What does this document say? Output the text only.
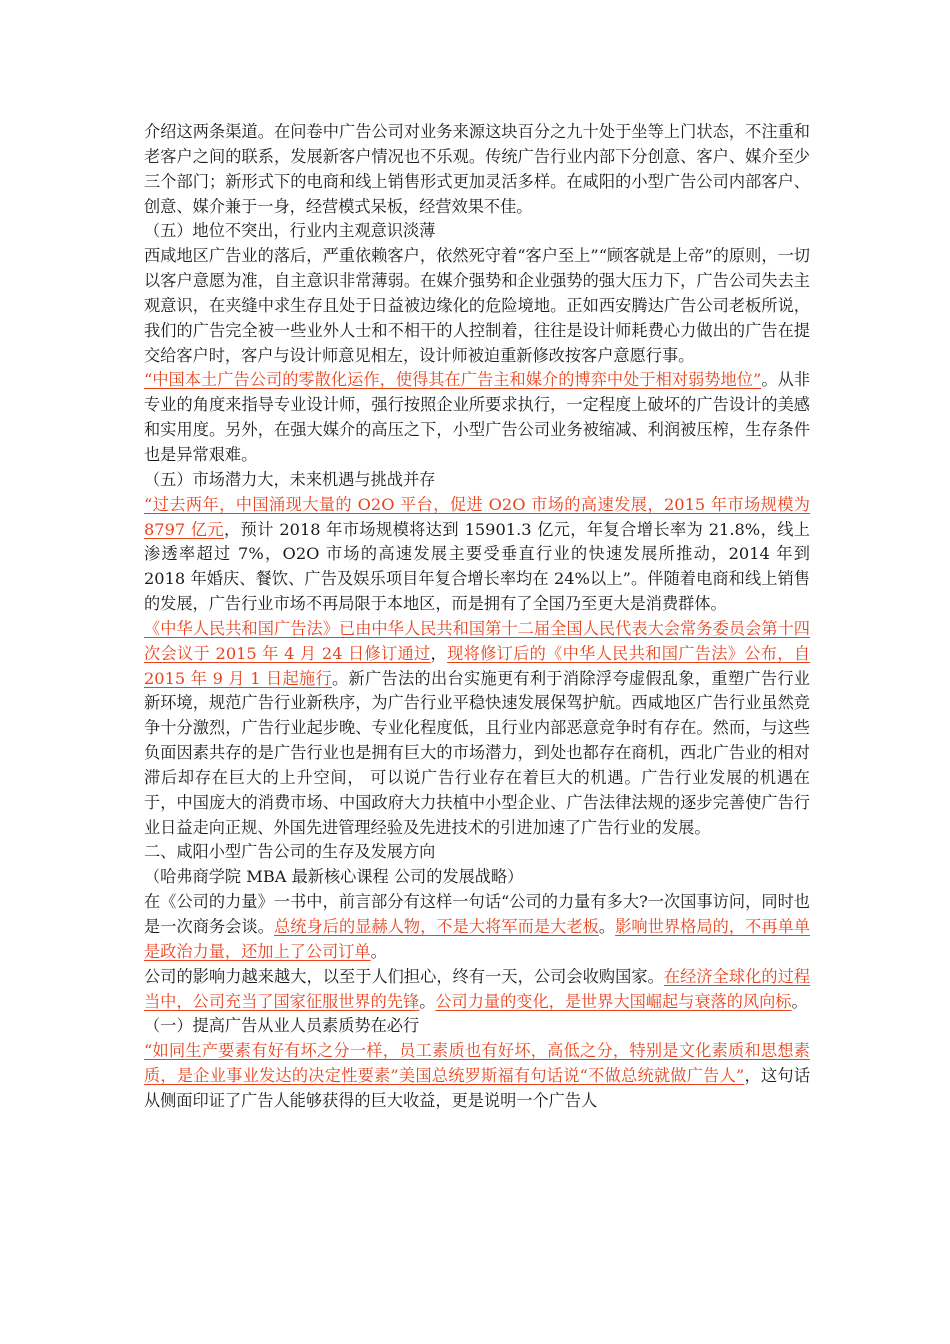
介绍这两条渠道。在问卷中广告公司对业务来源这块百分之九十处于坐等上门状态，不注重和老客户之间的联系，发展新客户情况也不乐观。传统广告行业内部下分创意、客户、媒介至少三个部门；新形式下的电商和线上销售形式更加灵活多样。在咸阳的小型广告公司内部客户、创意、媒介兼于一身，经营模式呆板，经营效果不佳。

（五）地位不突出，行业内主观意识淡薄

西咸地区广告业的落后，严重依赖客户，依然死守着“客户至上”“顾客就是上帝”的原则，一切以客户意愿为准，自主意识非常薄弱。在媒介强势和企业强势的强大压力下，广告公司失去主观意识，在夹缝中求生存且处于日益被边缘化的危险境地。正如西安腾达广告公司老板所说，我们的广告完全被一些业外人士和不相干的人控制着，往往是设计师耗费心力做出的广告在提交给客户时，客户与设计师意见相左，设计师被迫重新修改按客户意愿行事。

“中国本土广告公司的零散化运作，使得其在广告主和媒介的博弈中处于相对弱势地位”。从非专业的角度来指导专业设计师，强行按照企业所要求执行，一定程度上破坏的广告设计的美感和实用度。另外，在强大媒介的高压之下，小型广告公司业务被缩减、利润被压榨，生存条件也是异常艰难。

（五）市场潜力大，未来机遇与挑战并存

“过去两年，中国涌现大量的 O2O 平台，促进 O2O 市场的高速发展，2015 年市场规模为 8797 亿元，预计 2018 年市场规模将达到 15901.3 亿元，年复合增长率为 21.8%，线上渗透率超过 7%，O2O 市场的高速发展主要受垂直行业的快速发展所推动，2014 年到 2018 年婚庆、餐饮、广告及娱乐项目年复合增长率均在 24%以上”。伴随着电商和线上销售的发展，广告行业市场不再局限于本地区，而是拥有了全国乃至更大是消费群体。

《中华人民共和国广告法》已由中华人民共和国第十二届全国人民代表大会常务委员会第十四次会议于 2015 年 4 月 24 日修订通过，现将修订后的《中华人民共和国广告法》公布，自 2015 年 9 月 1 日起施行。新广告法的出台实施更有利于消除浮夸虚假乱象，重塑广告行业新环境，规范广告行业新秩序，为广告行业平稳快速发展保驾护航。西咸地区广告行业虽然竞争十分激烈，广告行业起步晚、专业化程度低，且行业内部恶意竞争时有存在。然而，与这些负面因素共存的是广告行业也是拥有巨大的市场潜力，到处也都存在商机，西北广告业的相对滞后却存在巨大的上升空间， 可以说广告行业存在着巨大的机遇。广告行业发展的机遇在于，中国庞大的消费市场、中国政府大力扶植中小型企业、广告法律法规的逐步完善使广告行业日益走向正规、外国先进管理经验及先进技术的引进加速了广告行业的发展。

二、咸阳小型广告公司的生存及发展方向

（哈弗商学院 MBA 最新核心课程 公司的发展战略）

在《公司的力量》一书中，前言部分有这样一句话“公司的力量有多大?一次国事访问，同时也是一次商务会谈。总统身后的显赫人物，不是大将军而是大老板。影响世界格局的，不再单单是政治力量，还加上了公司订单。

公司的影响力越来越大，以至于人们担心，终有一天，公司会收购国家。在经济全球化的过程当中，公司充当了国家征服世界的先锋。公司力量的变化，是世界大国崛起与衰落的风向标。

（一）提高广告从业人员素质势在必行

“如同生产要素有好有坏之分一样，员工素质也有好坏，高低之分，特别是文化素质和思想素质，是企业事业发达的决定性要素”美国总统罗斯福有句话说“不做总统就做广告人”，这句话从侧面印证了广告人能够获得的巨大收益，更是说明一个广告人
